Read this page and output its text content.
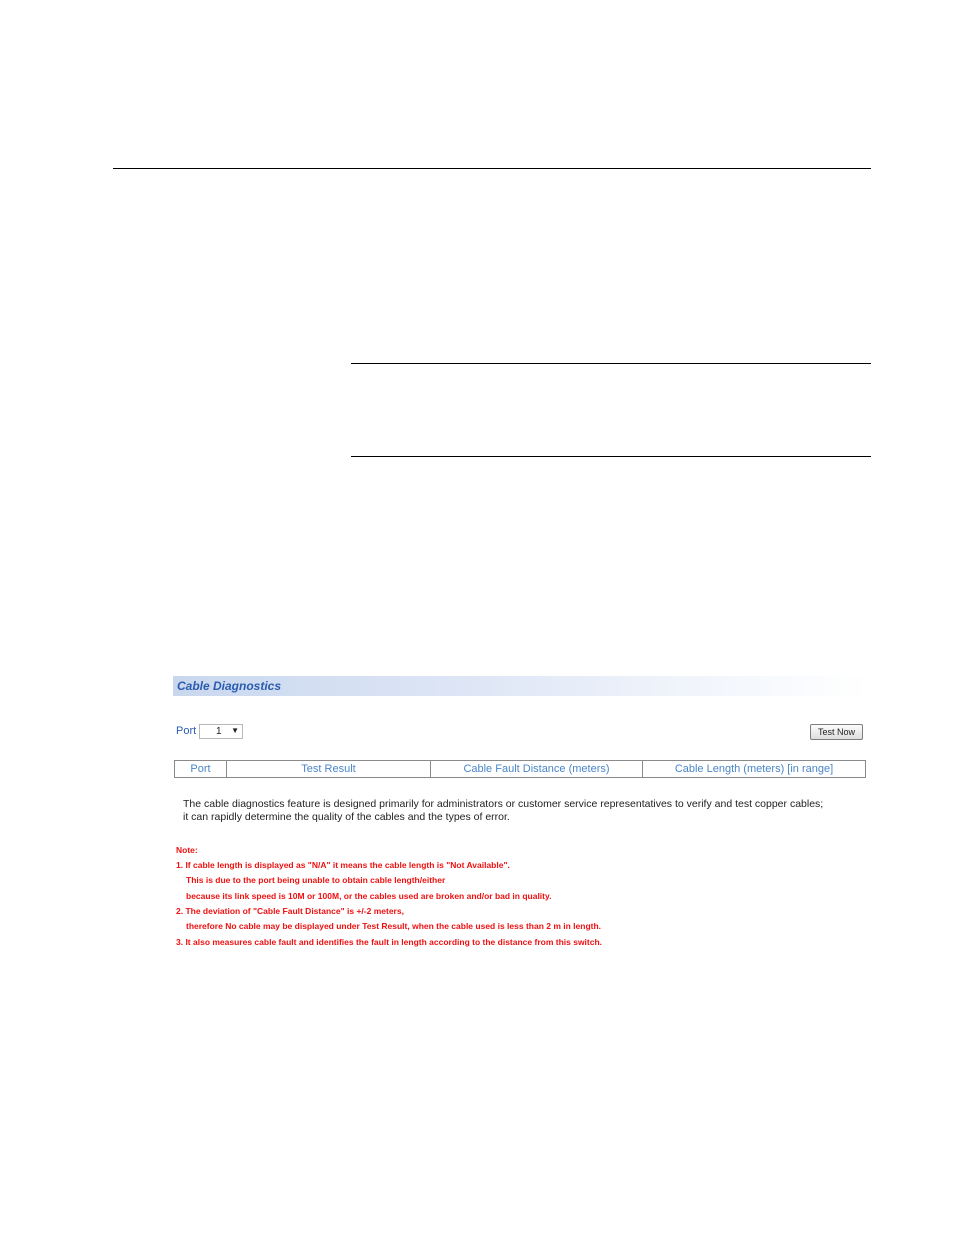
Cable Diagnostics
Port 1 ▼	Test Now
Port	Test Result	Cable Fault Distance (meters)	Cable Length (meters) [in range]
The cable diagnostics feature is designed primarily for administrators or customer service representatives to verify and test copper cables;
it can rapidly determine the quality of the cables and the types of error.
Note:
1. If cable length is displayed as "N/A" it means the cable length is "Not Available".
This is due to the port being unable to obtain cable length/either
because its link speed is 10M or 100M, or the cables used are broken and/or bad in quality.
2. The deviation of "Cable Fault Distance" is +/-2 meters,
therefore No cable may be displayed under Test Result, when the cable used is less than 2 m in length.
3. It also measures cable fault and identifies the fault in length according to the distance from this switch.
